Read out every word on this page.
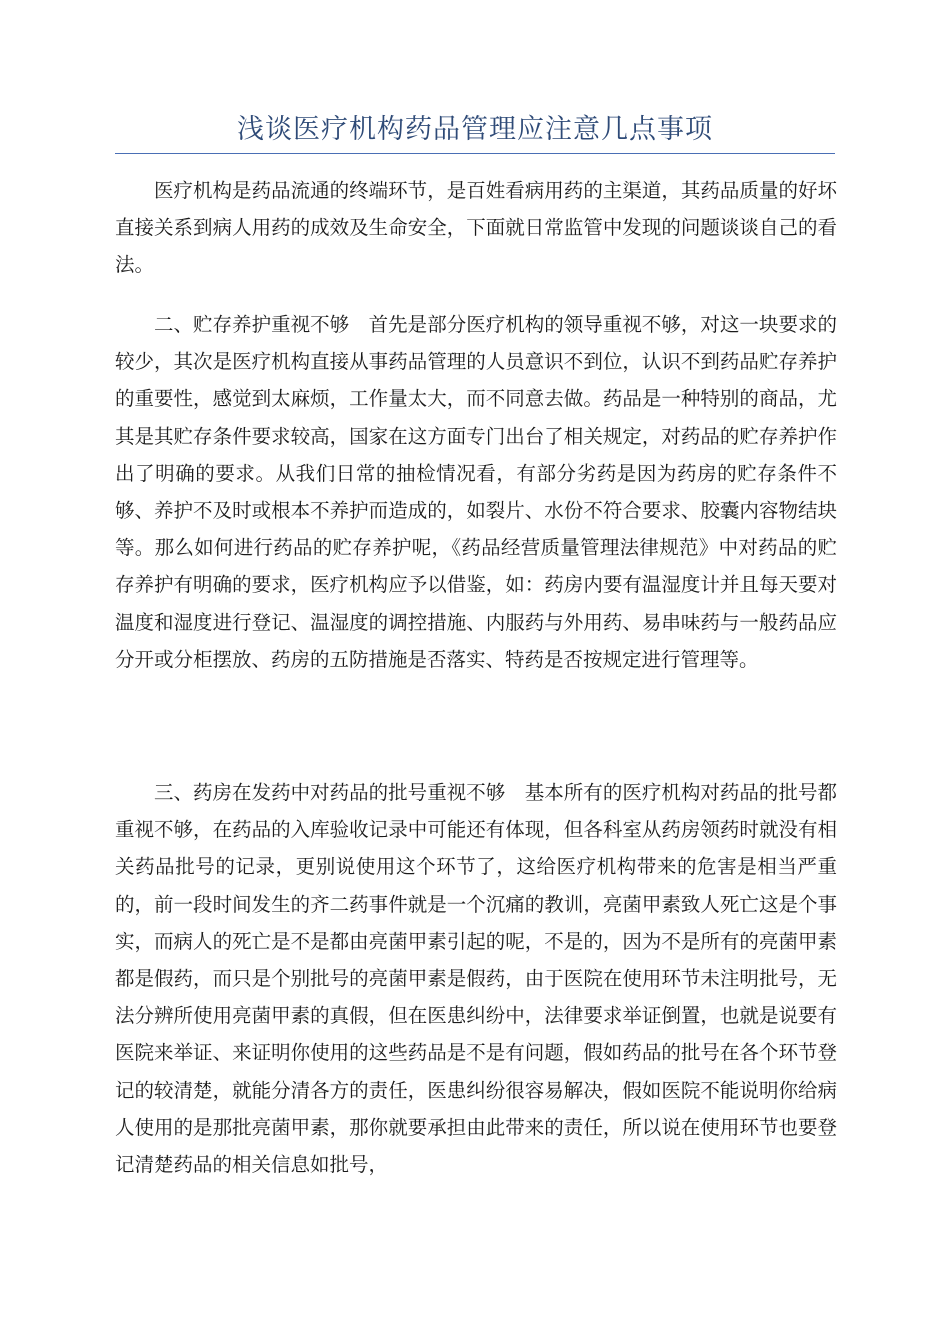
浅谈医疗机构药品管理应注意几点事项

医疗机构是药品流通的终端环节，是百姓看病用药的主渠道，其药品质量的好坏直接关系到病人用药的成效及生命安全，下面就日常监管中发现的问题谈谈自己的看法。

二、贮存养护重视不够 首先是部分医疗机构的领导重视不够，对这一块要求的较少，其次是医疗机构直接从事药品管理的人员意识不到位，认识不到药品贮存养护的重要性，感觉到太麻烦，工作量太大，而不同意去做。药品是一种特别的商品，尤其是其贮存条件要求较高，国家在这方面专门出台了相关规定，对药品的贮存养护作出了明确的要求。从我们日常的抽检情况看，有部分劣药是因为药房的贮存条件不够、养护不及时或根本不养护而造成的，如裂片、水份不符合要求、胶囊内容物结块等。那么如何进行药品的贮存养护呢，《药品经营质量管理法律规范》中对药品的贮存养护有明确的要求，医疗机构应予以借鉴，如：药房内要有温湿度计并且每天要对温度和湿度进行登记、温湿度的调控措施、内服药与外用药、易串味药与一般药品应分开或分柜摆放、药房的五防措施是否落实、特药是否按规定进行管理等。

三、药房在发药中对药品的批号重视不够 基本所有的医疗机构对药品的批号都重视不够，在药品的入库验收记录中可能还有体现，但各科室从药房领药时就没有相关药品批号的记录，更别说使用这个环节了，这给医疗机构带来的危害是相当严重的，前一段时间发生的齐二药事件就是一个沉痛的教训，亮菌甲素致人死亡这是个事实，而病人的死亡是不是都由亮菌甲素引起的呢，不是的，因为不是所有的亮菌甲素都是假药，而只是个别批号的亮菌甲素是假药，由于医院在使用环节未注明批号，无法分辨所使用亮菌甲素的真假，但在医患纠纷中，法律要求举证倒置，也就是说要有医院来举证、来证明你使用的这些药品是不是有问题，假如药品的批号在各个环节登记的较清楚，就能分清各方的责任，医患纠纷很容易解决，假如医院不能说明你给病人使用的是那批亮菌甲素，那你就要承担由此带来的责任，所以说在使用环节也要登记清楚药品的相关信息如批号，
